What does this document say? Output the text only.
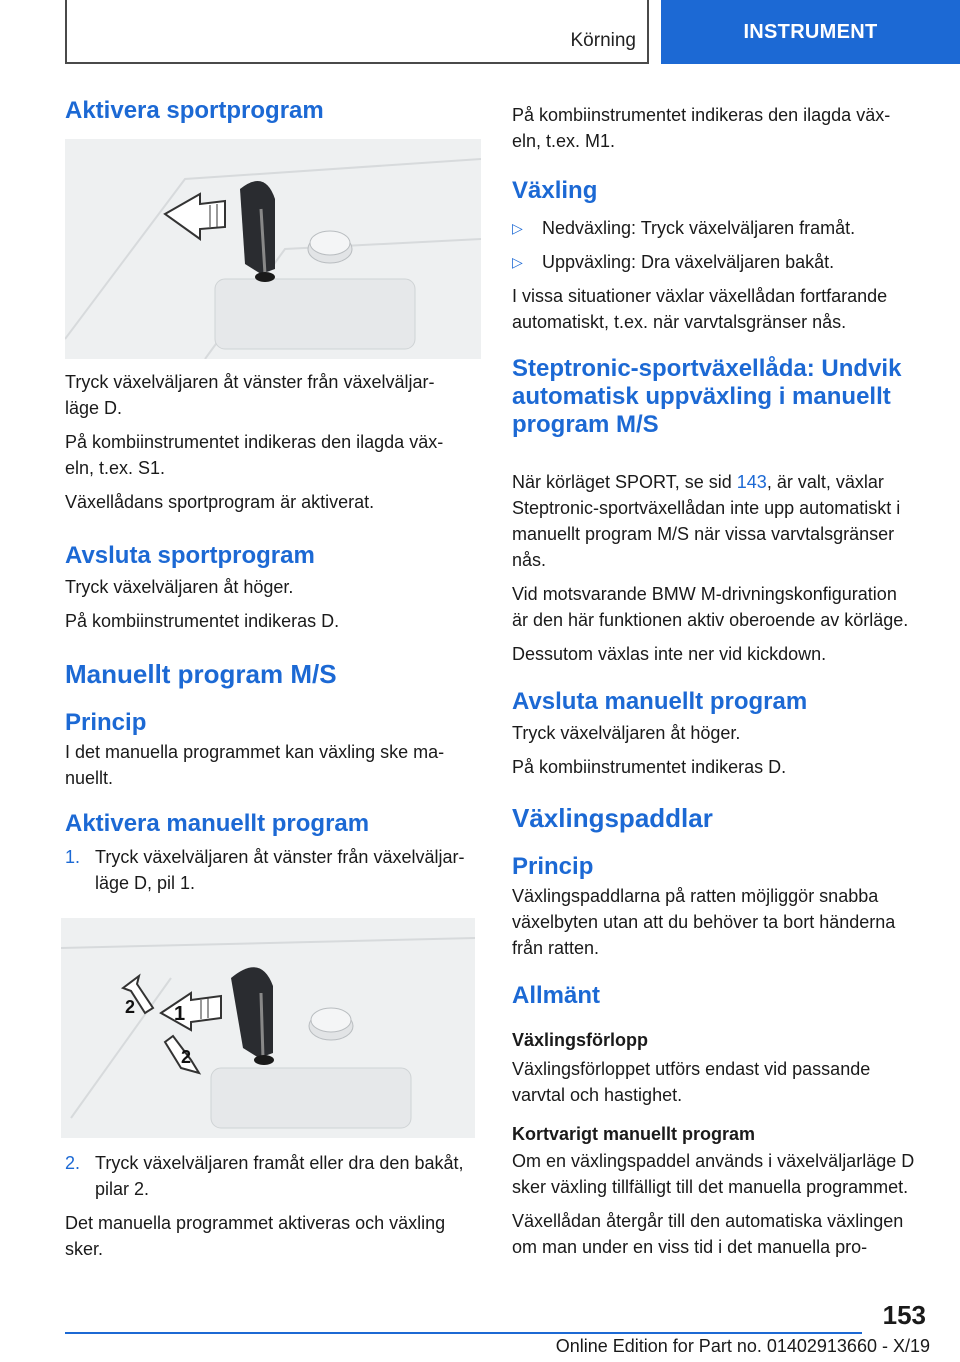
Körning	INSTRUMENT
Aktivera sportprogram
Tryck växelväljaren åt vänster från växelväljar-
läge D.
På kombiinstrumentet indikeras den ilagda väx-
eln, t.ex. S1.
Växellådans sportprogram är aktiverat.
Avsluta sportprogram
Tryck växelväljaren åt höger.
På kombiinstrumentet indikeras D.
Manuellt program M/S
Princip
I det manuella programmet kan växling ske ma-
nuellt.
Aktivera manuellt program
1. Tryck växelväljaren åt vänster från växelväljar-
läge D, pil 1.
1
2
2
2. Tryck växelväljaren framåt eller dra den bakåt,
pilar 2.
Det manuella programmet aktiveras och växling
sker.
På kombiinstrumentet indikeras den ilagda väx-
eln, t.ex. M1.
Växling
▷ Nedväxling: Tryck växelväljaren framåt.
▷ Uppväxling: Dra växelväljaren bakåt.
I vissa situationer växlar växellådan fortfarande
automatiskt, t.ex. när varvtalsgränser nås.
Steptronic-sportväxellåda: Undvik
automatisk uppväxling i manuellt
program M/S

När körläget SPORT, se sid 143, är valt, växlar
Steptronic-sportväxellådan inte upp automatiskt i
manuellt program M/S när vissa varvtalsgränser
nås.

Vid motsvarande BMW M-drivningskonfiguration
är den här funktionen aktiv oberoende av körläge.
Dessutom växlas inte ner vid kickdown.
Avsluta manuellt program
Tryck växelväljaren åt höger.
På kombiinstrumentet indikeras D.
Växlingspaddlar
Princip
Växlingspaddlarna på ratten möjliggör snabba
växelbyten utan att du behöver ta bort händerna
från ratten.
Allmänt
Växlingsförlopp
Växlingsförloppet utförs endast vid passande
varvtal och hastighet.
Kortvarigt manuellt program
Om en växlingspaddel används i växelväljarläge D
sker växling tillfälligt till det manuella programmet.
Växellådan återgår till den automatiska växlingen
om man under en viss tid i det manuella pro-
153
Online Edition for Part no. 01402913660 - X/19
